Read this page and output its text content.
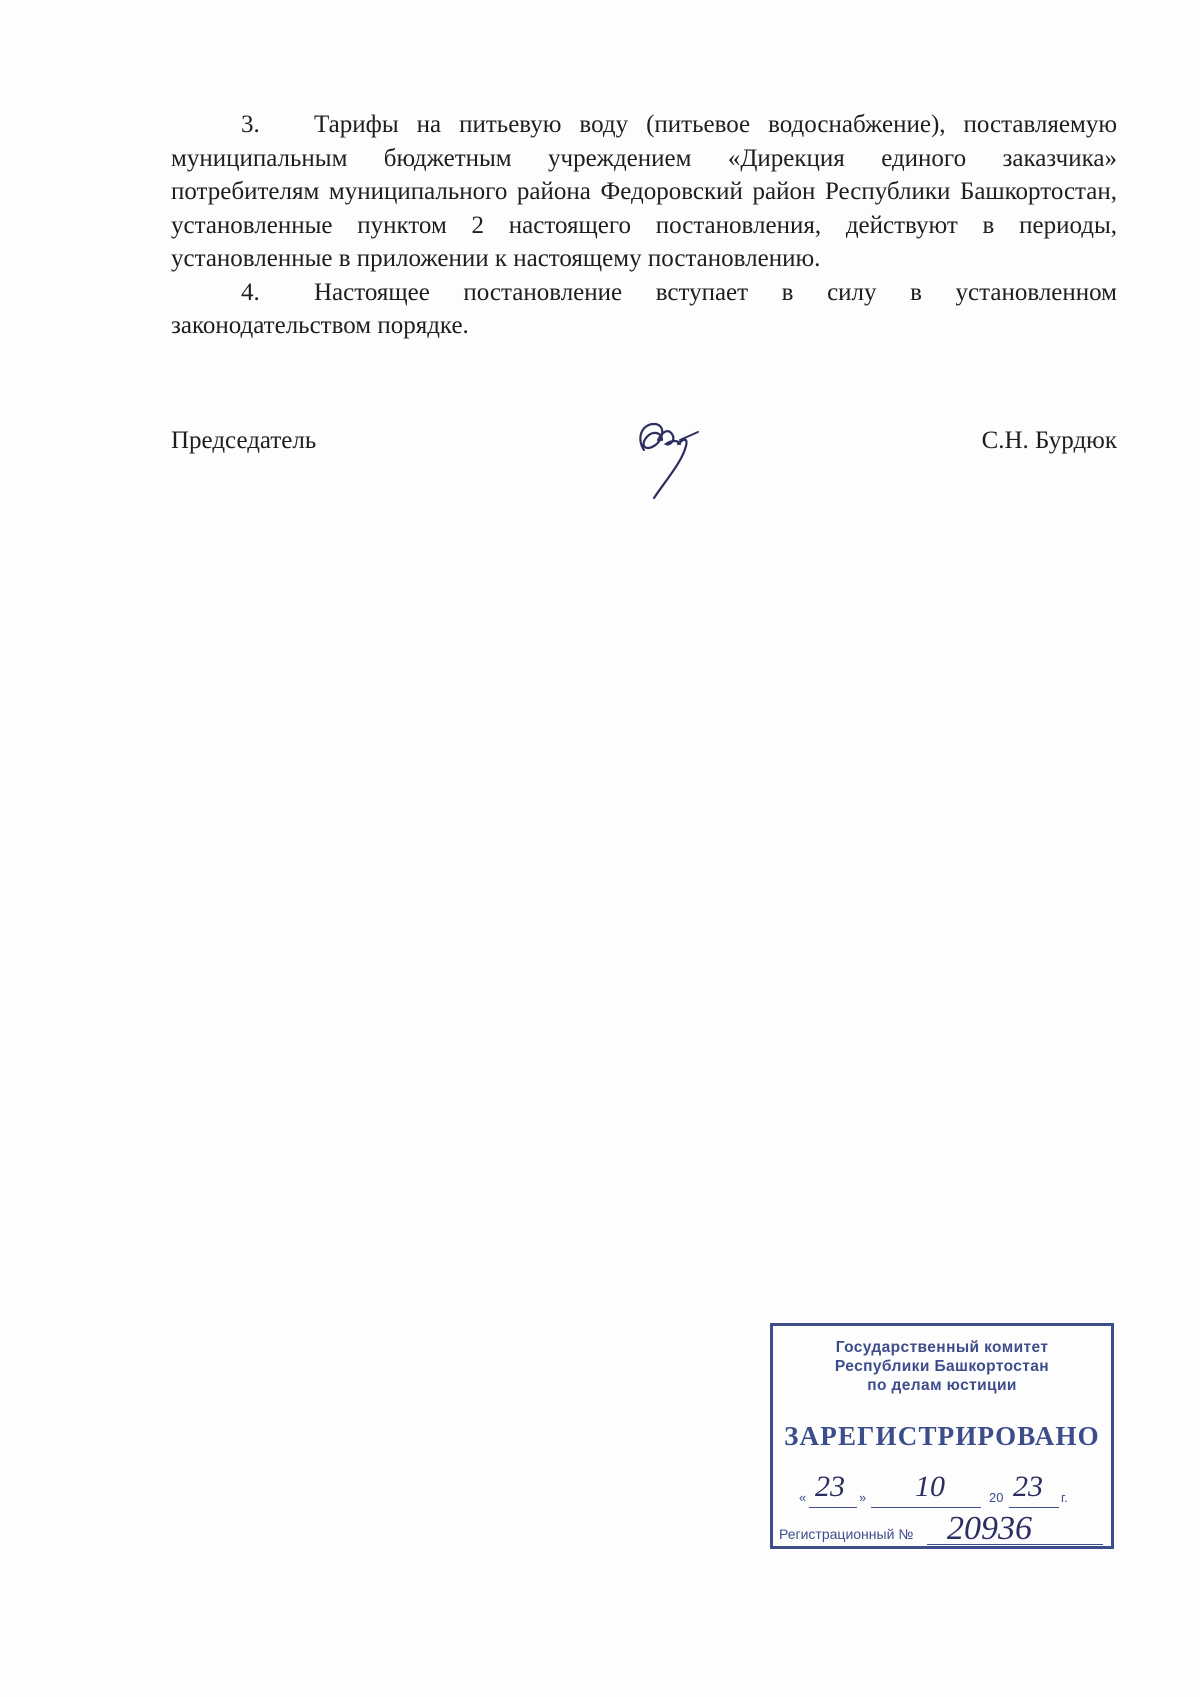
3. Тарифы на питьевую воду (питьевое водоснабжение), поставляемую муниципальным бюджетным учреждением «Дирекция единого заказчика» потребителям муниципального района Федоровский район Республики Башкортостан, установленные пунктом 2 настоящего постановления, действуют в периоды, установленные в приложении к настоящему постановлению.

4. Настоящее постановление вступает в силу в установленном законодательством порядке.

Председатель	С.Н. Бурдюк
Государственный комитет
Республики Башкортостан
по делам юстиции
ЗАРЕГИСТРИРОВАНО
« 23 » 10	20 23 г.
Регистрационный № 20936
